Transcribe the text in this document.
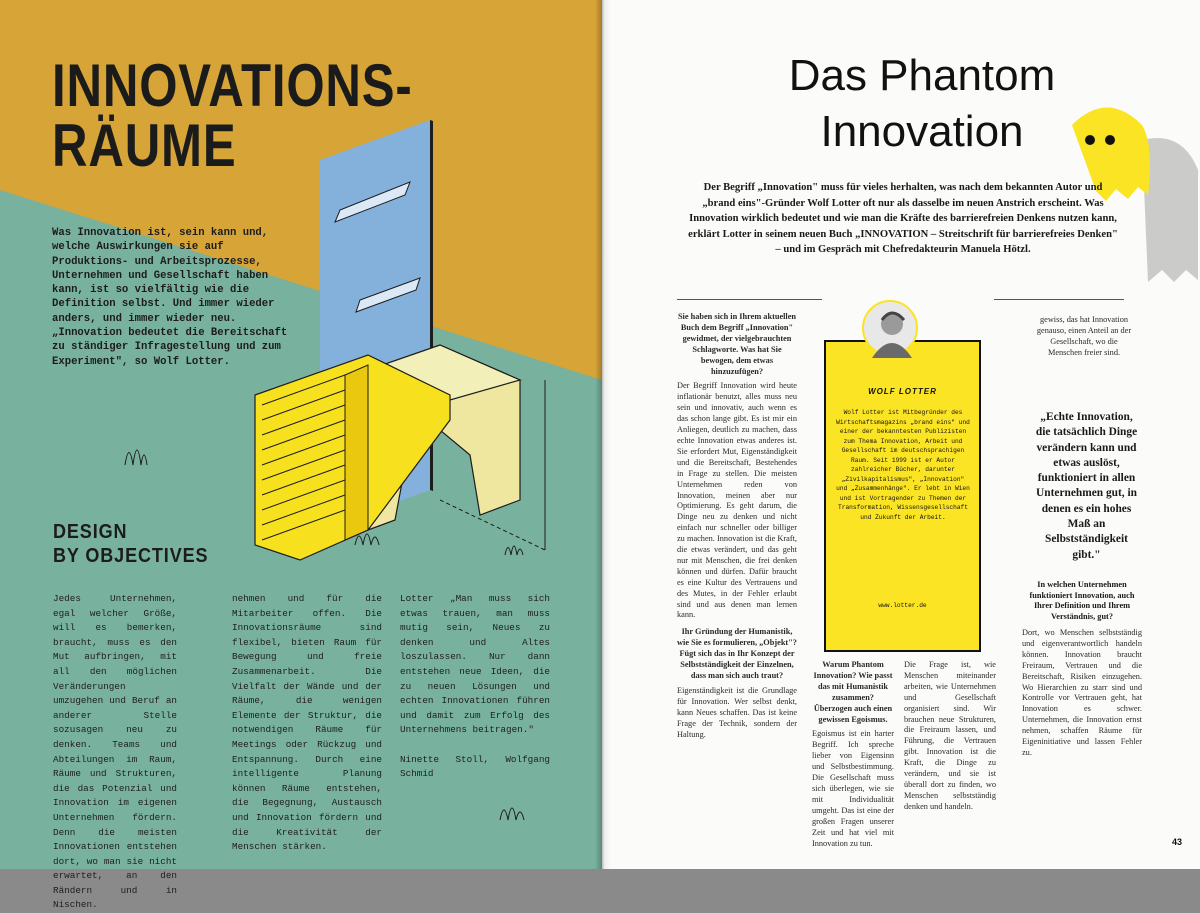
INNOVATIONS-
RÄUME

Was Innovation ist, sein kann und, welche Auswirkungen sie auf Produktions- und Arbeitsprozesse, Unternehmen und Gesellschaft haben kann, ist so vielfältig wie die Definition selbst. Und immer wieder anders, und immer wieder neu. „Innovation bedeutet die Bereitschaft zu ständiger Infragestellung und zum Experiment", so Wolf Lotter.

DESIGN
BY OBJECTIVES

Jedes Unternehmen, egal welcher Größe, will es bemerken, braucht, muss es den Mut aufbringen, mit all den möglichen Veränderungen umzugehen und Beruf an anderer Stelle sozusagen neu zu denken. Teams und Abteilungen im Raum, Räume und Strukturen, die das Potenzial und Innovation im eigenen Unternehmen fördern. Denn die meisten Innovationen entstehen dort, wo man sie nicht erwartet, an den Rändern und in Nischen.

nehmen und für die Mitarbeiter offen. Die Innovationsräume sind flexibel, bieten Raum für Bewegung und freie Zusammenarbeit. Die Vielfalt der Wände und der Räume, die wenigen Elemente der Struktur, die notwendigen Räume für Meetings oder Rückzug und Entspannung. Durch eine intelligente Planung können Räume entstehen, die Begegnung, Austausch und Innovation fördern und die Kreativität der Menschen stärken.

Lotter „Man muss sich etwas trauen, man muss mutig sein, Neues zu denken und Altes loszulassen. Nur dann entstehen neue Ideen, die zu neuen Lösungen und echten Innovationen führen und damit zum Erfolg des Unternehmens beitragen."

Ninette Stoll, Wolfgang Schmid

Das Phantom
Innovation

Der Begriff „Innovation" muss für vieles herhalten, was nach dem bekannten Autor und „brand eins"-Gründer Wolf Lotter oft nur als dasselbe im neuen Anstrich erscheint. Was Innovation wirklich bedeutet und wie man die Kräfte des barrierefreien Denkens nutzen kann, erklärt Lotter in seinem neuen Buch „INNOVATION – Streitschrift für barrierefreies Denken" – und im Gespräch mit Chefredakteurin Manuela Hötzl.

Sie haben sich in Ihrem aktuellen Buch dem Begriff „Innovation" gewidmet, der vielgebrauchten Schlagworte. Was hat Sie bewogen, dem etwas hinzuzufügen?

Der Begriff Innovation wird heute inflationär benutzt, alles muss neu sein und innovativ, auch wenn es das schon lange gibt. Es ist mir ein Anliegen, deutlich zu machen, dass echte Innovation etwas anderes ist. Sie erfordert Mut, Eigenständigkeit und die Bereitschaft, Bestehendes in Frage zu stellen. Die meisten Unternehmen reden von Innovation, meinen aber nur Optimierung. Es geht darum, die Dinge neu zu denken und nicht einfach nur schneller oder billiger zu machen. Innovation ist die Kraft, die etwas verändert, und das geht nur mit Menschen, die frei denken können und dürfen. Dafür braucht es eine Kultur des Vertrauens und des Mutes, in der Fehler erlaubt sind und aus denen man lernen kann.

Ihr Gründung der Humanistik, wie Sie es formulieren, „Objekt"? Fügt sich das in Ihr Konzept der Selbstständigkeit der Einzelnen, dass man sich auch traut?

Eigenständigkeit ist die Grundlage für Innovation. Wer selbst denkt, kann Neues schaffen. Das ist keine Frage der Technik, sondern der Haltung.

WOLF LOTTER

Wolf Lotter ist Mitbegründer des Wirtschaftsmagazins „brand eins" und einer der bekanntesten Publizisten zum Thema Innovation, Arbeit und Gesellschaft im deutschsprachigen Raum. Seit 1999 ist er Autor zahlreicher Bücher, darunter „Zivilkapitalismus", „Innovation" und „Zusammenhänge". Er lebt in Wien und ist Vortragender zu Themen der Transformation, Wissensgesellschaft und Zukunft der Arbeit.

www.lotter.de

Warum Phantom Innovation? Wie passt das mit Humanistik zusammen? Überzogen auch einen gewissen Egoismus.

Egoismus ist ein harter Begriff. Ich spreche lieber von Eigensinn und Selbstbestimmung. Die Gesellschaft muss sich überlegen, wie sie mit Individualität umgeht. Das ist eine der großen Fragen unserer Zeit und hat viel mit Innovation zu tun.

Die Frage ist, wie Menschen miteinander arbeiten, wie Unternehmen und Gesellschaft organisiert sind. Wir brauchen neue Strukturen, die Freiraum lassen, und Führung, die Vertrauen gibt. Innovation ist die Kraft, die Dinge zu verändern, und sie ist überall dort zu finden, wo Menschen selbstständig denken und handeln.

gewiss, das hat Innovation genauso, einen Anteil an der Gesellschaft, wo die Menschen freier sind.

„Echte Innovation, die tatsächlich Dinge verändern kann und etwas auslöst, funktioniert in allen Unternehmen gut, in denen es ein hohes Maß an Selbstständigkeit gibt."

In welchen Unternehmen funktioniert Innovation, auch Ihrer Definition und Ihrem Verständnis, gut?

Dort, wo Menschen selbstständig und eigenverantwortlich handeln können. Innovation braucht Freiraum, Vertrauen und die Bereitschaft, Risiken einzugehen. Wo Hierarchien zu starr sind und Kontrolle vor Vertrauen geht, hat Innovation es schwer. Unternehmen, die Innovation ernst nehmen, schaffen Räume für Eigeninitiative und lassen Fehler zu.
43
